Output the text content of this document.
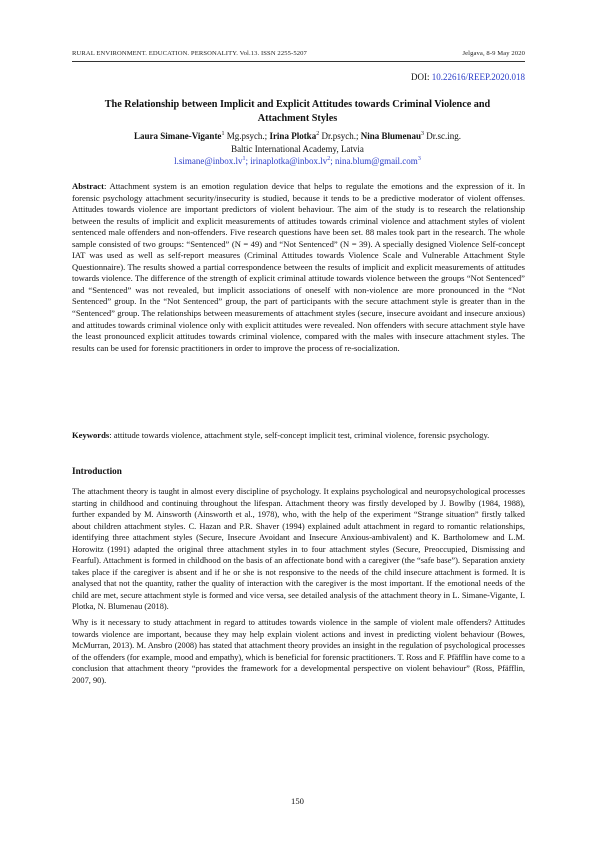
RURAL ENVIRONMENT. EDUCATION. PERSONALITY. Vol.13. ISSN 2255-5207	Jelgava, 8-9 May 2020
DOI: 10.22616/REEP.2020.018
The Relationship between Implicit and Explicit Attitudes towards Criminal Violence and Attachment Styles
Laura Simane-Vigante$^1$ Mg.psych.; Irina Plotka$^2$ Dr.psych.; Nina Blumenau$^3$ Dr.sc.ing.
Baltic International Academy, Latvia
$l.simane@inbox.lv^1$; $irinaplotka@inbox.lv^2$; nina.blum@gmail.com$^3$
Abstract: Attachment system is an emotion regulation device that helps to regulate the emotions and the expression of it. In forensic psychology attachment security/insecurity is studied, because it tends to be a predictive moderator of violent offenses. Attitudes towards violence are important predictors of violent behaviour. The aim of the study is to research the relationship between the results of implicit and explicit measurements of attitudes towards criminal violence and attachment styles of violent sentenced male offenders and non-offenders. Five research questions have been set. 88 males took part in the research. The whole sample consisted of two groups: “Sentenced” (N = 49) and “Not Sentenced” (N = 39). A specially designed Violence Self-concept IAT was used as well as self-report measures (Criminal Attitudes towards Violence Scale and Vulnerable Attachment Style Questionnaire). The results showed a partial correspondence between the results of implicit and explicit measurements of attitudes towards violence. The difference of the strength of explicit criminal attitude towards violence between the groups “Not Sentenced” and “Sentenced” was not revealed, but implicit associations of oneself with non-violence are more pronounced in the “Not Sentenced” group. In the “Not Sentenced” group, the part of participants with the secure attachment style is greater than in the “Sentenced” group. The relationships between measurements of attachment styles (secure, insecure avoidant and insecure anxious) and attitudes towards criminal violence only with explicit attitudes were revealed. Non offenders with secure attachment style have the least pronounced explicit attitudes towards criminal violence, compared with the males with insecure attachment styles. The results can be used for forensic practitioners in order to improve the process of re-socialization.
Keywords: attitude towards violence, attachment style, self-concept implicit test, criminal violence, forensic psychology.
Introduction

The attachment theory is taught in almost every discipline of psychology. It explains psychological and neuropsychological processes starting in childhood and continuing throughout the lifespan. Attachment theory was firstly developed by J. Bowlby (1984, 1988), further expanded by M. Ainsworth (Ainsworth et al., 1978), who, with the help of the experiment “Strange situation” firstly talked about children attachment styles. C. Hazan and P.R. Shaver (1994) explained adult attachment in regard to romantic relationships, identifying three attachment styles (Secure, Insecure Avoidant and Insecure Anxious-ambivalent) and K. Bartholomew and L.M. Horowitz (1991) adapted the original three attachment styles in to four attachment styles (Secure, Preoccupied, Dismissing and Fearful). Attachment is formed in childhood on the basis of an affectionate bond with a caregiver (the “safe base”). Separation anxiety takes place if the caregiver is absent and if he or she is not responsive to the needs of the child insecure attachment is formed. It is analysed that not the quantity, rather the quality of interaction with the caregiver is the most important. If the emotional needs of the child are met, secure attachment style is formed and vice versa, see detailed analysis of the attachment theory in L. Simane-Vigante, I. Plotka, N. Blumenau (2018).

Why is it necessary to study attachment in regard to attitudes towards violence in the sample of violent male offenders? Attitudes towards violence are important, because they may help explain violent actions and invest in predicting violent behaviour (Bowes, McMurran, 2013). M. Ansbro (2008) has stated that attachment theory provides an insight in the regulation of psychological processes of the offenders (for example, mood and empathy), which is beneficial for forensic practitioners. T. Ross and F. Pfäfflin have come to a conclusion that attachment theory “provides the framework for a developmental perspective on violent behaviour” (Ross, Pfäfflin, 2007, 90).

150
